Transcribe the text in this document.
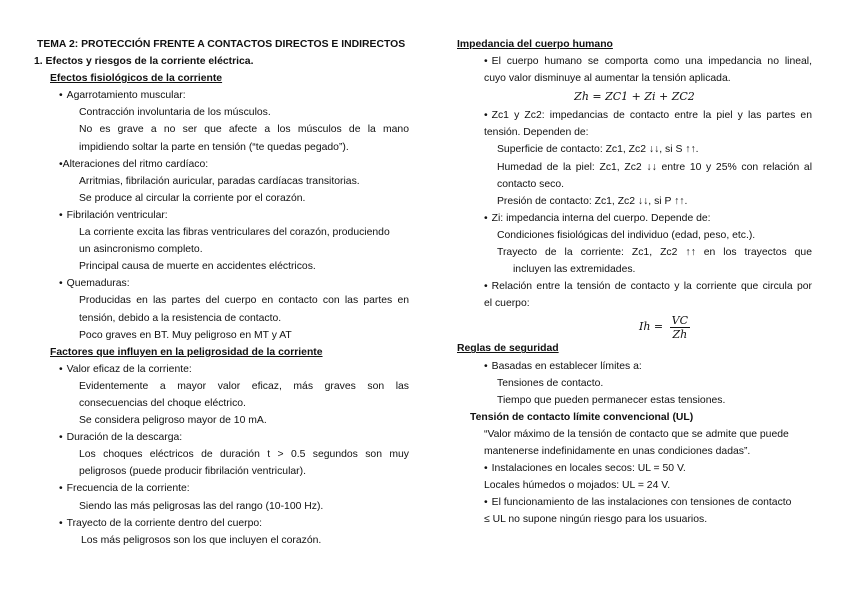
TEMA 2: PROTECCIÓN FRENTE A CONTACTOS DIRECTOS E INDIRECTOS
1. Efectos y riesgos de la corriente eléctrica.
Efectos fisiológicos de la corriente
• Agarrotamiento muscular:
Contracción involuntaria de los músculos.
No es grave a no ser que afecte a los músculos de la mano
impidiendo soltar la parte en tensión (“te quedas pegado”).
•Alteraciones del ritmo cardíaco:
Arritmias, fibrilación auricular, paradas cardíacas transitorias.
Se produce al circular la corriente por el corazón.
• Fibrilación ventricular:
La corriente excita las fibras ventriculares del corazón, produciendo
un asincronismo completo.
Principal causa de muerte en accidentes eléctricos.
• Quemaduras:
Producidas en las partes del cuerpo en contacto con las partes en
tensión, debido a la resistencia de contacto.
Poco graves en BT. Muy peligroso en MT y AT
Factores que influyen en la peligrosidad de la corriente
• Valor eficaz de la corriente:
Evidentemente a mayor valor eficaz, más graves son las
consecuencias del choque eléctrico.
Se considera peligroso mayor de 10 mA.
• Duración de la descarga:
Los choques eléctricos de duración t > 0.5 segundos son muy
peligrosos (puede producir fibrilación ventricular).
• Frecuencia de la corriente:
Siendo las más peligrosas las del rango (10-100 Hz).
• Trayecto de la corriente dentro del cuerpo:
Los más peligrosos son los que incluyen el corazón.
Impedancia del cuerpo humano
• El cuerpo humano se comporta como una impedancia no lineal,
cuyo valor disminuye al aumentar la tensión aplicada.
Zh = ZC1 + Zi + ZC2
• Zc1 y Zc2: impedancias de contacto entre la piel y las partes en
tensión. Dependen de:
Superficie de contacto: Zc1, Zc2 ↓↓, si S ↑↑.
Humedad de la piel: Zc1, Zc2 ↓↓ entre 10 y 25% con relación al
contacto seco.
Presión de contacto: Zc1, Zc2 ↓↓, si P ↑↑.
• Zi: impedancia interna del cuerpo. Depende de:
Condiciones fisiológicas del individuo (edad, peso, etc.).
Trayecto de la corriente: Zc1, Zc2 ↑↑ en los trayectos que
incluyen las extremidades.
• Relación entre la tensión de contacto y la corriente que circula por
el cuerpo:
$Ih = \frac{VC}{Zh}$
Reglas de seguridad
• Basadas en establecer límites a:
Tensiones de contacto.
Tiempo que pueden permanecer estas tensiones.
Tensión de contacto límite convencional (UL)
“Valor máximo de la tensión de contacto que se admite que puede
mantenerse indefinidamente en unas condiciones dadas”.
• Instalaciones en locales secos: UL = 50 V.
Locales húmedos o mojados: UL = 24 V.
• El funcionamiento de las instalaciones con tensiones de contacto
≤ UL no supone ningún riesgo para los usuarios.
